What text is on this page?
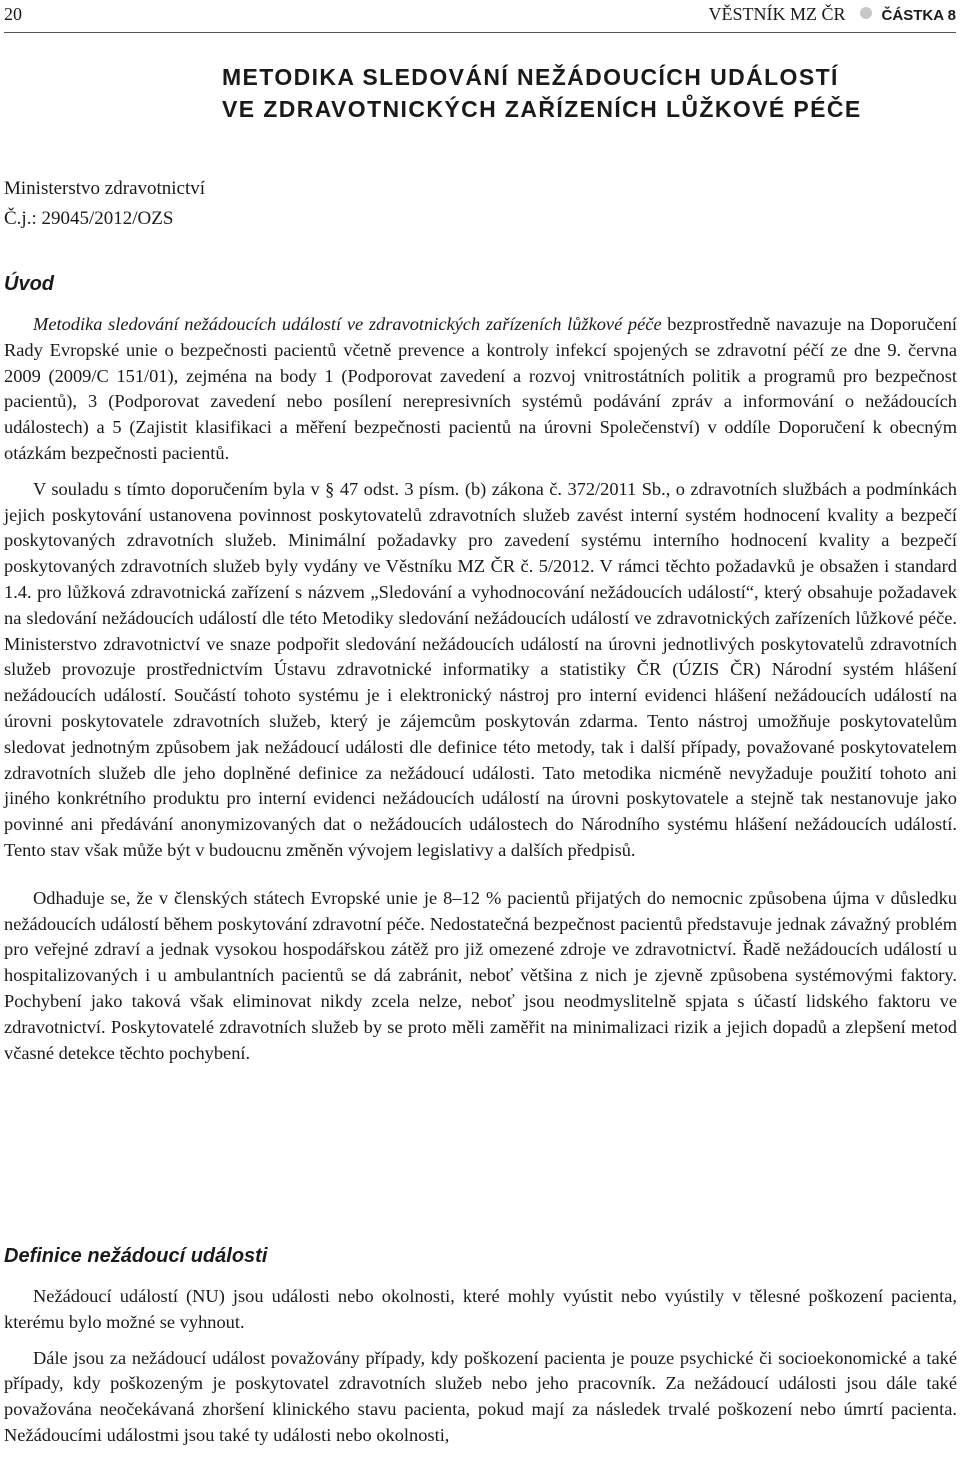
20	VĚSTNÍK MZ ČR ČÁSTKA 8
METODIKA SLEDOVÁNÍ NEŽÁDOUCÍCH UDÁLOSTÍ
VE ZDRAVOTNICKÝCH ZAŘÍZENÍCH LŮŽKOVÉ PÉČE
Ministerstvo zdravotnictví
Č.j.: 29045/2012/OZS
Úvod

Metodika sledování nežádoucích událostí ve zdravotnických zařízeních lůžkové péče bezprostředně navazuje na Doporučení Rady Evropské unie o bezpečnosti pacientů včetně prevence a kontroly infekcí spojených se zdravotní péčí ze dne 9. června 2009 (2009/C 151/01), zejména na body 1 (Podporovat zavedení a rozvoj vnitrostátních politik a programů pro bezpečnost pacientů), 3 (Podporovat zavedení nebo posílení nerepresivních systémů podávání zpráv a informování o nežádoucích událostech) a 5 (Zajistit klasifikaci a měření bezpečnosti pacientů na úrovni Společenství) v oddíle Doporučení k obecným otázkám bezpečnosti pacientů.

V souladu s tímto doporučením byla v § 47 odst. 3 písm. (b) zákona č. 372/2011 Sb., o zdravotních službách a podmínkách jejich poskytování ustanovena povinnost poskytovatelů zdravotních služeb zavést interní systém hodnocení kvality a bezpečí poskytovaných zdravotních služeb. Minimální požadavky pro zavedení systému interního hodnocení kvality a bezpečí poskytovaných zdravotních služeb byly vydány ve Věstníku MZ ČR č. 5/2012. V rámci těchto požadavků je obsažen i standard 1.4. pro lůžková zdravotnická zařízení s názvem „Sledování a vyhodnocování nežádoucích událostí“, který obsahuje požadavek na sledování nežádoucích událostí dle této Metodiky sledování nežádoucích událostí ve zdravotnických zařízeních lůžkové péče. Ministerstvo zdravotnictví ve snaze podpořit sledování nežádoucích událostí na úrovni jednotlivých poskytovatelů zdravotních služeb provozuje prostřednictvím Ústavu zdravotnické informatiky a statistiky ČR (ÚZIS ČR) Národní systém hlášení nežádoucích událostí. Součástí tohoto systému je i elektronický nástroj pro interní evidenci hlášení nežádoucích událostí na úrovni poskytovatele zdravotních služeb, který je zájemcům poskytován zdarma. Tento nástroj umožňuje poskytovatelům sledovat jednotným způsobem jak nežádoucí události dle definice této metody, tak i další případy, považované poskytovatelem zdravotních služeb dle jeho doplněné definice za nežádoucí události. Tato metodika nicméně nevyžaduje použití tohoto ani jiného konkrétního produktu pro interní evidenci nežádoucích událostí na úrovni poskytovatele a stejně tak nestanovuje jako povinné ani předávání anonymizovaných dat o nežádoucích událostech do Národního systému hlášení nežádoucích událostí. Tento stav však může být v budoucnu změněn vývojem legislativy a dalších předpisů.

Odhaduje se, že v členských státech Evropské unie je 8–12 % pacientů přijatých do nemocnic způsobena újma v důsledku nežádoucích událostí během poskytování zdravotní péče. Nedostatečná bezpečnost pacientů představuje jednak závažný problém pro veřejné zdraví a jednak vysokou hospodářskou zátěž pro již omezené zdroje ve zdravotnictví. Řadě nežádoucích událostí u hospitalizovaných i u ambulantních pacientů se dá zabránit, neboť většina z nich je zjevně způsobena systémovými faktory. Pochybení jako taková však eliminovat nikdy zcela nelze, neboť jsou neodmyslitelně spjata s účastí lidského faktoru ve zdravotnictví. Poskytovatelé zdravotních služeb by se proto měli zaměřit na minimalizaci rizik a jejich dopadů a zlepšení metod včasné detekce těchto pochybení.

Definice nežádoucí události

Nežádoucí událostí (NU) jsou události nebo okolnosti, které mohly vyústit nebo vyústily v tělesné poškození pacienta, kterému bylo možné se vyhnout.

Dále jsou za nežádoucí událost považovány případy, kdy poškození pacienta je pouze psychické či socioekonomické a také případy, kdy poškozeným je poskytovatel zdravotních služeb nebo jeho pracovník. Za nežádoucí události jsou dále také považována neočekávaná zhoršení klinického stavu pacienta, pokud mají za následek trvalé poškození nebo úmrtí pacienta. Nežádoucími událostmi jsou také ty události nebo okolnosti,
